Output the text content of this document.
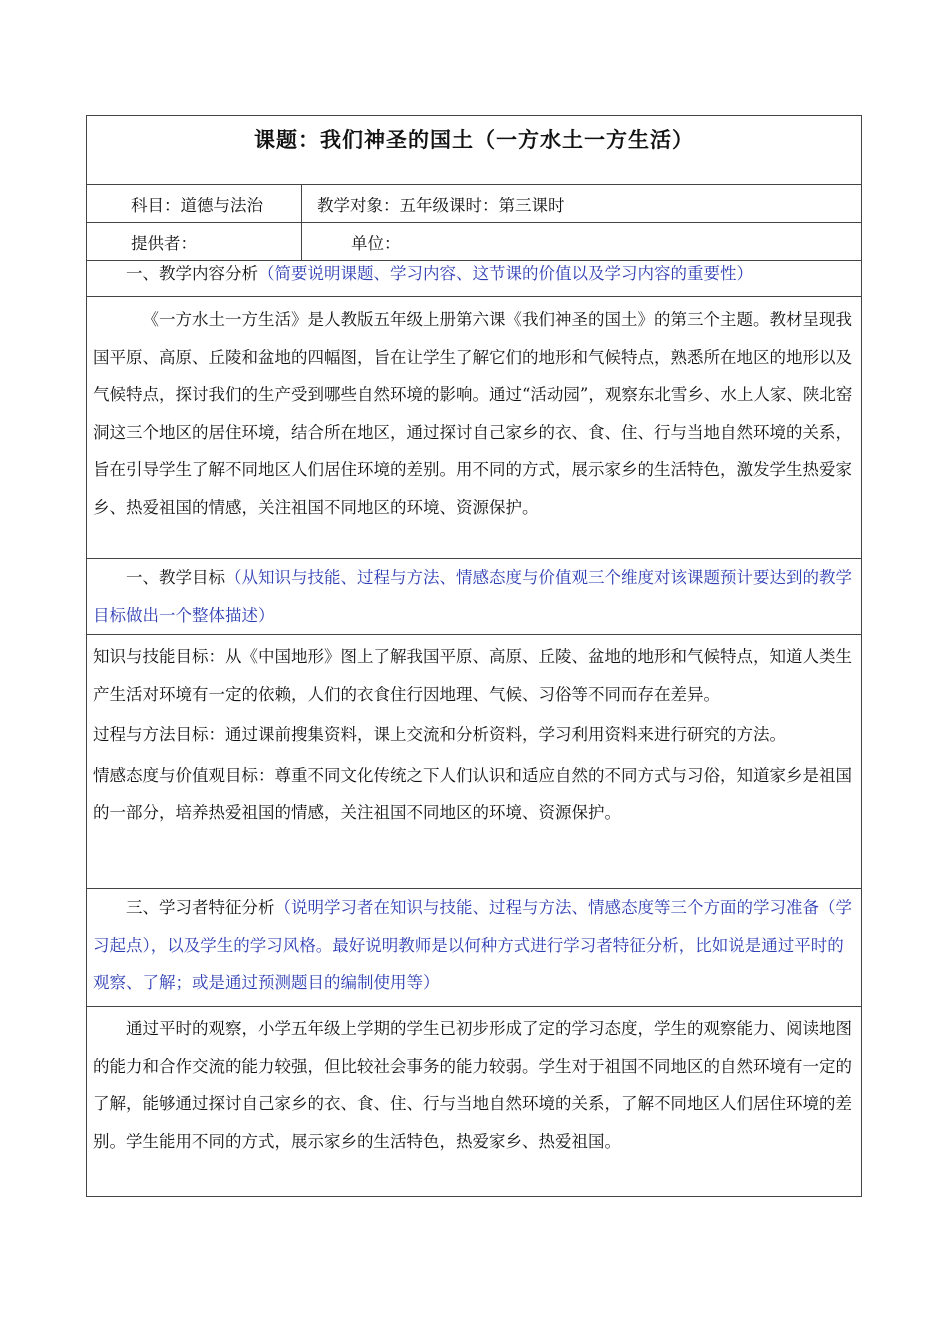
课题：我们神圣的国土（一方水土一方生活）
科目：道德与法治	教学对象：五年级课时：第三课时
提供者：	单位：
一、教学内容分析（简要说明课题、学习内容、这节课的价值以及学习内容的重要性）
《一方水土一方生活》是人教版五年级上册第六课《我们神圣的国土》的第三个主题。教材呈现我国平原、高原、丘陵和盆地的四幅图，旨在让学生了解它们的地形和气候特点，熟悉所在地区的地形以及气候特点，探讨我们的生产受到哪些自然环境的影响。通过“活动园”，观察东北雪乡、水上人家、陕北窑洞这三个地区的居住环境，结合所在地区，通过探讨自己家乡的衣、食、住、行与当地自然环境的关系，旨在引导学生了解不同地区人们居住环境的差别。用不同的方式，展示家乡的生活特色，激发学生热爱家乡、热爱祖国的情感，关注祖国不同地区的环境、资源保护。
一、教学目标（从知识与技能、过程与方法、情感态度与价值观三个维度对该课题预计要达到的教学目标做出一个整体描述）
知识与技能目标：从《中国地形》图上了解我国平原、高原、丘陵、盆地的地形和气候特点，知道人类生产生活对环境有一定的依赖，人们的衣食住行因地理、气候、习俗等不同而存在差异。
过程与方法目标：通过课前搜集资料，课上交流和分析资料，学习利用资料来进行研究的方法。
情感态度与价值观目标：尊重不同文化传统之下人们认识和适应自然的不同方式与习俗，知道家乡是祖国的一部分，培养热爱祖国的情感，关注祖国不同地区的环境、资源保护。
三、学习者特征分析（说明学习者在知识与技能、过程与方法、情感态度等三个方面的学习准备（学习起点），以及学生的学习风格。最好说明教师是以何种方式进行学习者特征分析，比如说是通过平时的观察、了解；或是通过预测题目的编制使用等）
通过平时的观察，小学五年级上学期的学生已初步形成了定的学习态度，学生的观察能力、阅读地图的能力和合作交流的能力较强，但比较社会事务的能力较弱。学生对于祖国不同地区的自然环境有一定的了解，能够通过探讨自己家乡的衣、食、住、行与当地自然环境的关系，了解不同地区人们居住环境的差别。学生能用不同的方式，展示家乡的生活特色，热爱家乡、热爱祖国。
